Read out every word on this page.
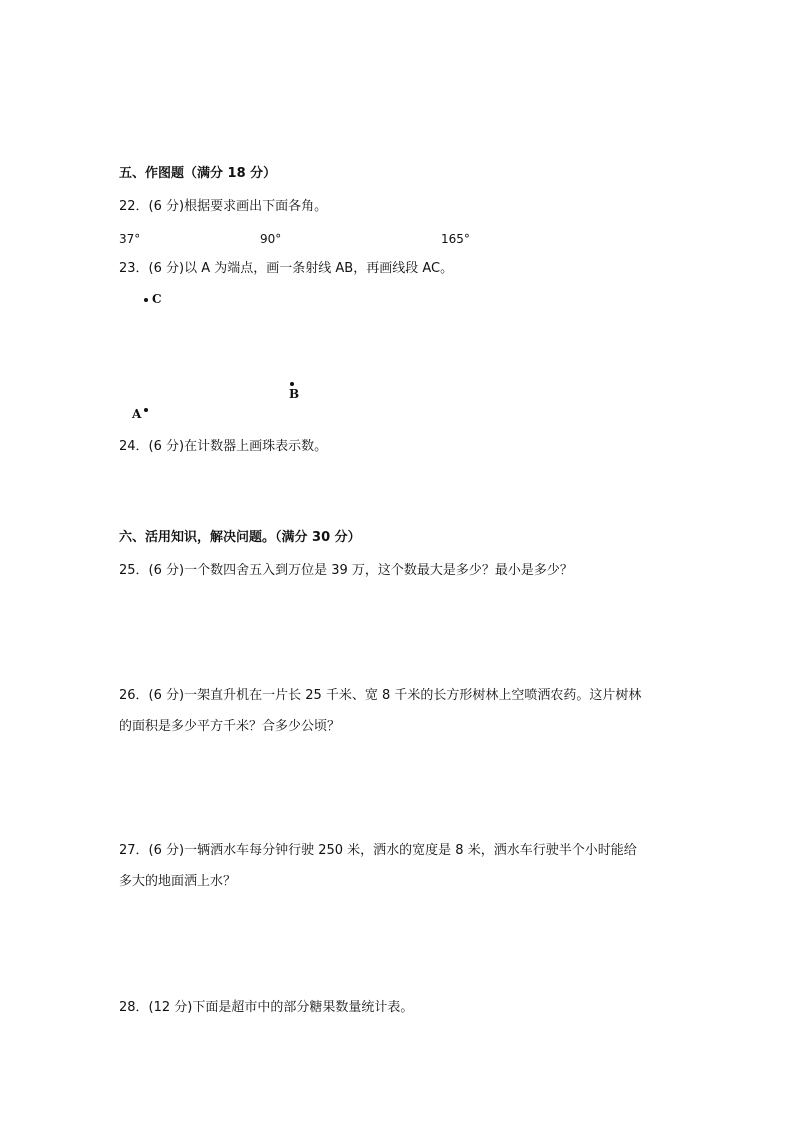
五、作图题（满分 18 分）
22．(6 分)根据要求画出下面各角。
37°	90°	165°
23．(6 分)以 A 为端点，画一条射线 AB，再画线段 AC。
C
B
A
24．(6 分)在计数器上画珠表示数。
六、活用知识，解决问题。（满分 30 分）
25．(6 分)一个数四舍五入到万位是 39 万，这个数最大是多少？最小是多少？
26．(6 分)一架直升机在一片长 25 千米、宽 8 千米的长方形树林上空喷洒农药。这片树林
的面积是多少平方千米？合多少公顷？
27．(6 分)一辆洒水车每分钟行驶 250 米，洒水的宽度是 8 米，洒水车行驶半个小时能给
多大的地面洒上水？
28．(12 分)下面是超市中的部分糖果数量统计表。
